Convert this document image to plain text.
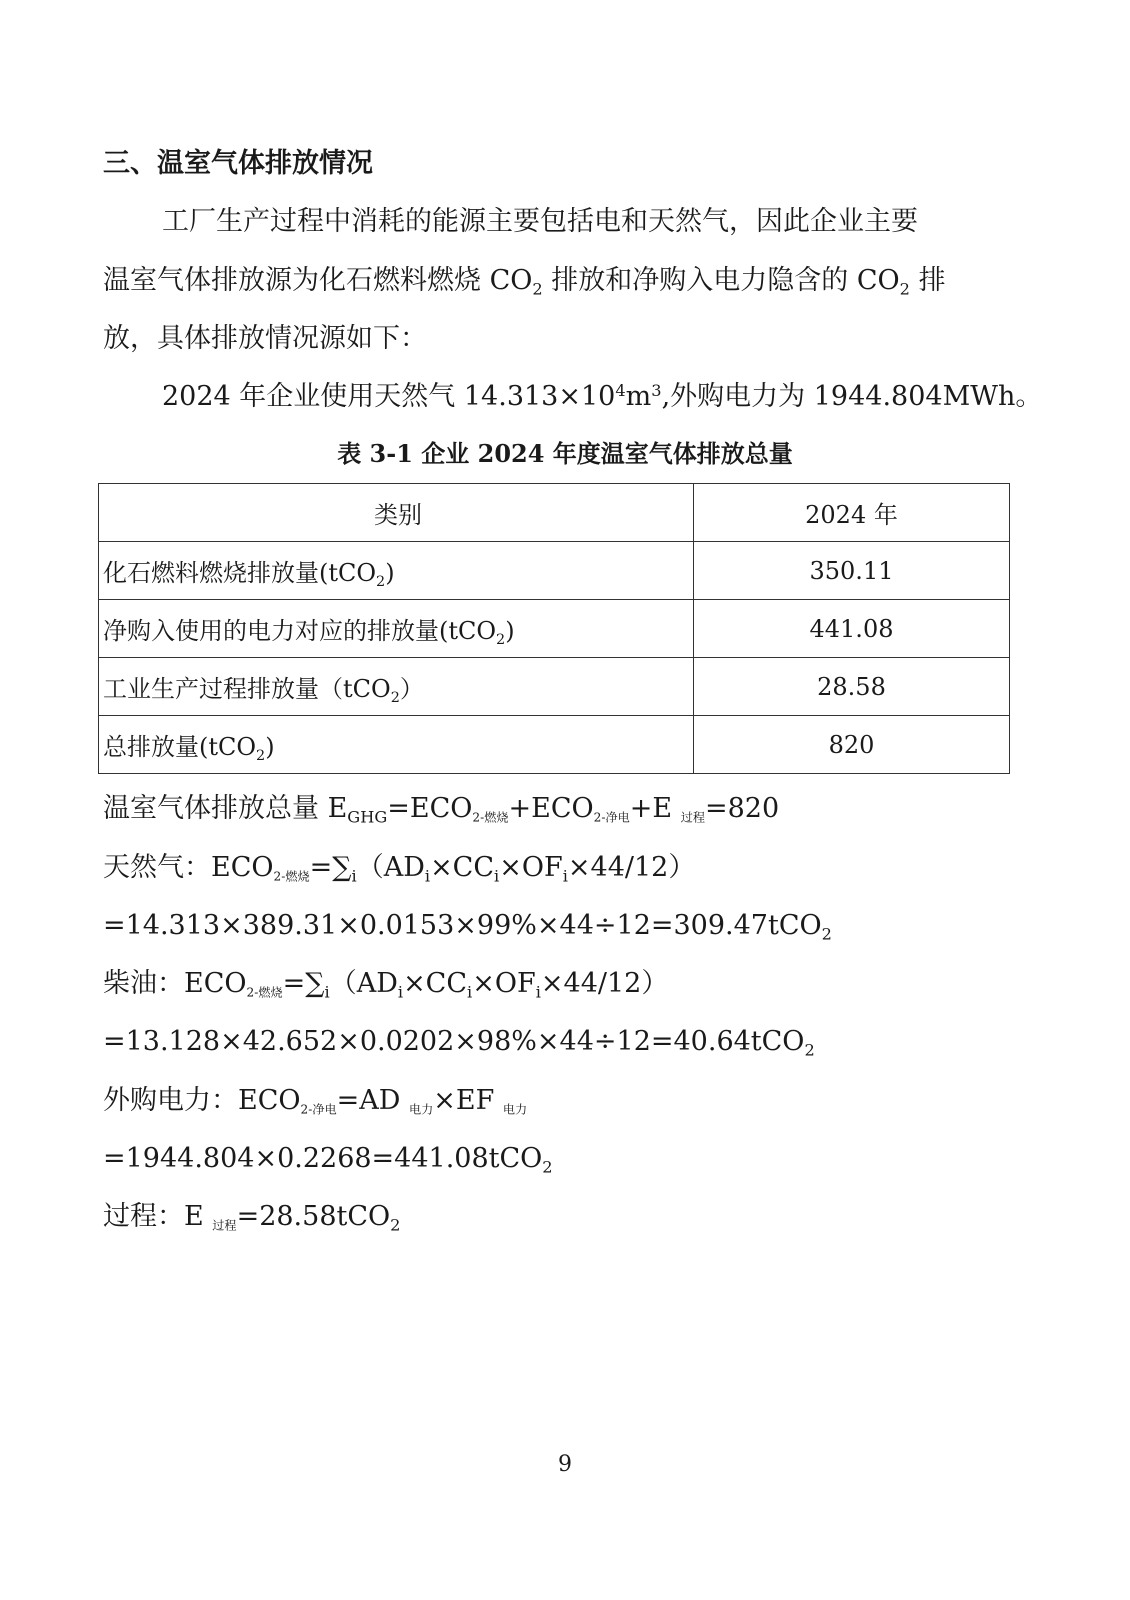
三、温室气体排放情况
工厂生产过程中消耗的能源主要包括电和天然气，因此企业主要
温室气体排放源为化石燃料燃烧 $CO_2$ 排放和净购入电力隐含的 $CO_2$ 排
放，具体排放情况源如下：
2024 年企业使用天然气 $14.313\times 10^4m^3$,外购电力为 1944.804MWh。
表 3-1 企业 2024 年度温室气体排放总量
类别	2024 年
化石燃料燃烧排放量(tCO$_2$)	350.11
净购入使用的电力对应的排放量(tCO$_2$)	441.08
工业生产过程排放量（tCO$_2$）	28.58
总排放量(tCO$_2$)	820
温室气体排放总量 $E_{GHG}=ECO_{2-燃烧}+ECO_{2-净电}+E$ $_{过程}$=820
天然气：$ECO_{2-燃烧}=\sum_i(AD_i\times CC_i\times OF_i\times 44/12)$
=14.313×389.31×0.0153×99%×44÷12=309.47tCO$_2$
柴油：$ECO_{2-燃烧}=\sum_i(AD_i\times CC_i\times OF_i\times 44/12)$
=13.128×42.652×0.0202×98%×44÷12=40.64tCO$_2$
外购电力：$ECO_{2-净电}=AD$ $_{电力}$×EF $_{电力}$
=1944.804×0.2268=441.08tCO$_2$
过程：E $_{过程}$=28.58tCO$_2$
9
